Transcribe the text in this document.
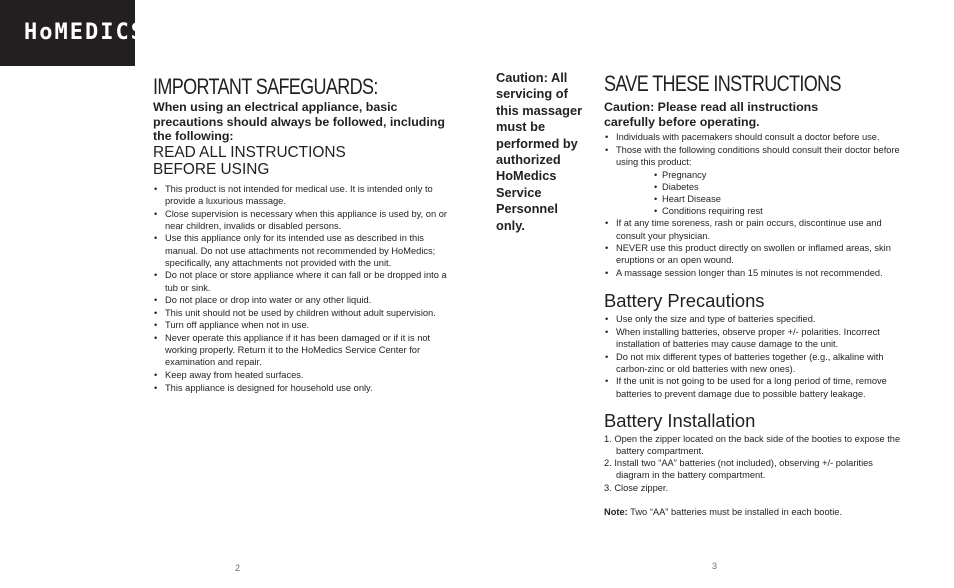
HoMEDICS
IMPORTANT SAFEGUARDS:

When using an electrical appliance, basic precautions should always be followed, including the following:

READ ALL INSTRUCTIONS
BEFORE USING

• This product is not intended for medical use. It is intended only to provide a luxurious massage.
• Close supervision is necessary when this appliance is used by, on or near children, invalids or disabled persons.
• Use this appliance only for its intended use as described in this manual. Do not use attachments not recommended by HoMedics; specifically, any attachments not provided with the unit.
• Do not place or store appliance where it can fall or be dropped into a tub or sink.
• Do not place or drop into water or any other liquid.
• This unit should not be used by children without adult supervision.
• Turn off appliance when not in use.
• Never operate this appliance if it has been damaged or if it is not working properly. Return it to the HoMedics Service Center for examination and repair.
• Keep away from heated surfaces.
• This appliance is designed for household use only.

Caution: All servicing of this massager must be performed by authorized HoMedics Service Personnel only.

SAVE THESE INSTRUCTIONS

Caution: Please read all instructions
carefully before operating.

• Individuals with pacemakers should consult a doctor before use.
• Those with the following conditions should consult their doctor before using this product:
• Pregnancy
• Diabetes
• Heart Disease
• Conditions requiring rest
• If at any time soreness, rash or pain occurs, discontinue use and consult your physician.
• NEVER use this product directly on swollen or inflamed areas, skin eruptions or an open wound.
• A massage session longer than 15 minutes is not recommended.
Battery Precautions
• Use only the size and type of batteries specified.
• When installing batteries, observe proper +/- polarities. Incorrect installation of batteries may cause damage to the unit.
• Do not mix different types of batteries together (e.g., alkaline with carbon-zinc or old batteries with new ones).
• If the unit is not going to be used for a long period of time, remove batteries to prevent damage due to possible battery leakage.
Battery Installation
1. Open the zipper located on the back side of the booties to expose the battery compartment.
2. Install two “AA” batteries (not included), observing +/- polarities diagram in the battery compartment.
3. Close zipper.

Note: Two “AA” batteries must be installed in each bootie.

2	3
